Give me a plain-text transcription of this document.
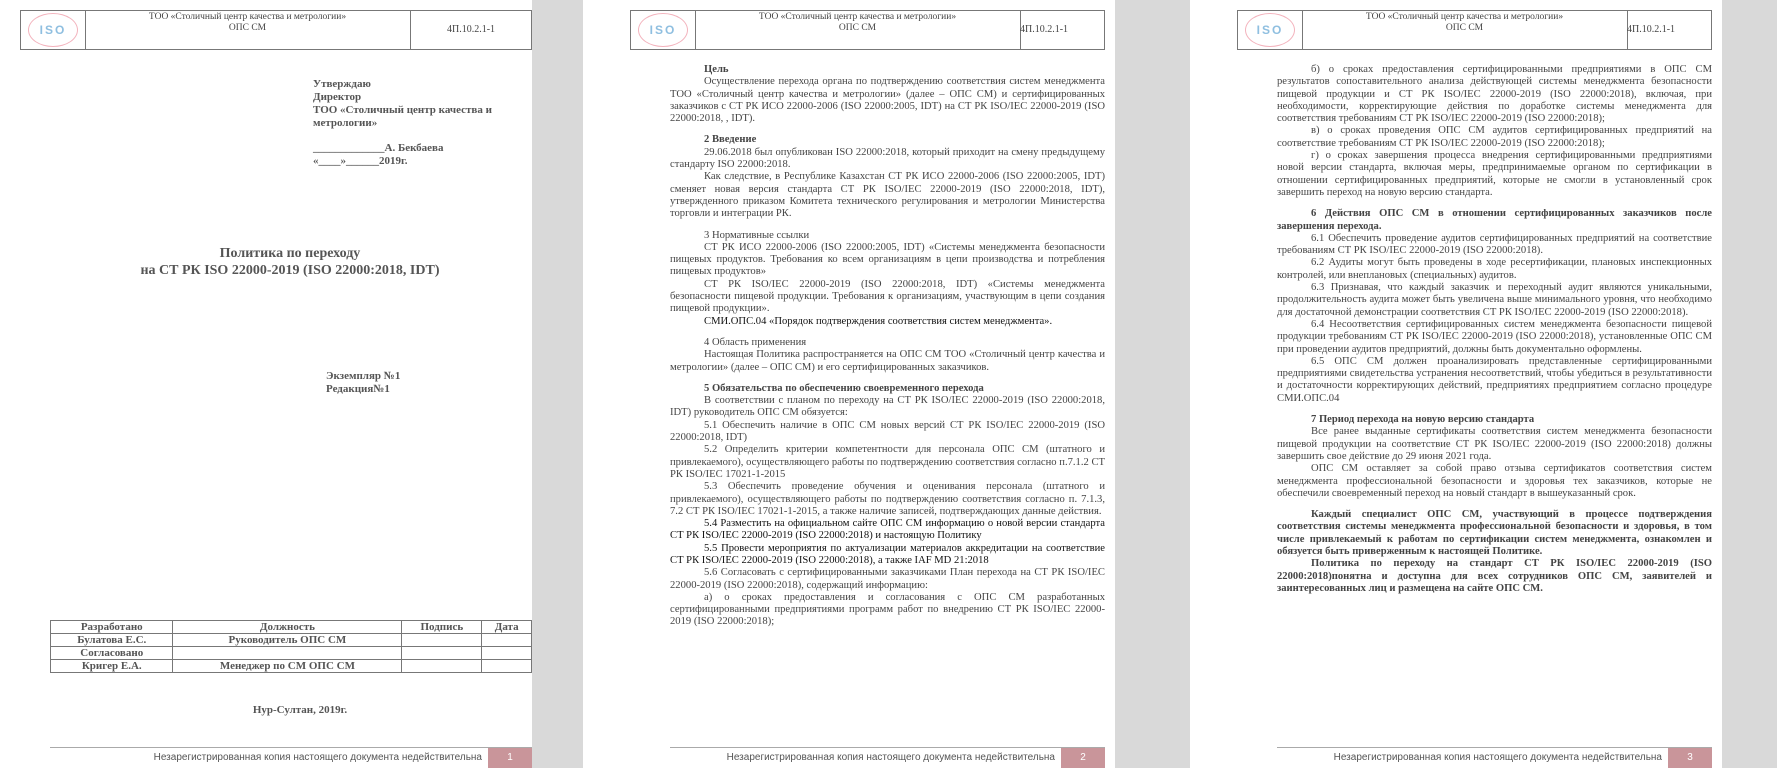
ISO
ТОО «Столичный центр качества и метрологии»
ОПС СМ	4П.10.2.1-1
Утверждаю
Директор
ТОО «Столичный центр качества и метрологии»
_____________А. Бекбаева
«____»______2019г.
Политика по переходу
на СТ РК ISO 22000-2019 (ISO 22000:2018, IDT)
Экземпляр №1
Редакция№1
Разработано	Должность	Подпись	Дата
Булатова Е.С.	Руководитель ОПС СМ		
Согласовано			
Кригер Е.А.	Менеджер по СМ ОПС СМ		
Нур-Султан, 2019г.
Незарегистрированная копия настоящего документа недействительна	1
ISO
ТОО «Столичный центр качества и метрологии»
ОПС СМ	4П.10.2.1-1

Цель

Осуществление перехода органа по подтверждению соответствия систем менеджмента ТОО «Столичный центр качества и метрологии» (далее – ОПС СМ) и сертифицированных заказчиков с СТ РК ИСО 22000-2006 (ISO 22000:2005, IDT) на СТ РК ISO/IEC 22000-2019 (ISO 22000:2018, , IDT).

2 Введение

29.06.2018 был опубликован ISO 22000:2018, который приходит на смену предыдущему стандарту ISO 22000:2018.

Как следствие, в Республике Казахстан СТ РК ИСО 22000-2006 (ISO 22000:2005, IDT) сменяет новая версия стандарта СТ РК ISO/IEC 22000-2019 (ISO 22000:2018, IDT), утвержденного приказом Комитета технического регулирования и метрологии Министерства торговли и интеграции РК.

3 Нормативные ссылки

СТ РК ИСО 22000-2006 (ISO 22000:2005, IDT) «Системы менеджмента безопасности пищевых продуктов. Требования ко всем организациям в цепи производства и потребления пищевых продуктов»

СТ РК ISO/IEC 22000-2019 (ISO 22000:2018, IDT) «Системы менеджмента безопасности пищевой продукции. Требования к организациям, участвующим в цепи создания пищевой продукции».

СМИ.ОПС.04 «Порядок подтверждения соответствия систем менеджмента».

4 Область применения

Настоящая Политика распространяется на ОПС СМ ТОО «Столичный центр качества и метрологии» (далее – ОПС СМ) и его сертифицированных заказчиков.

5 Обязательства по обеспечению своевременного перехода

В соответствии с планом по переходу на СТ РК ISO/IEC 22000-2019 (ISO 22000:2018, IDT) руководитель ОПС СМ обязуется:

5.1 Обеспечить наличие в ОПС СМ новых версий СТ РК ISO/IEC 22000-2019 (ISO 22000:2018, IDT)

5.2 Определить критерии компетентности для персонала ОПС СМ (штатного и привлекаемого), осуществляющего работы по подтверждению соответствия согласно п.7.1.2 СТ РК ISO/IEC 17021-1-2015

5.3 Обеспечить проведение обучения и оценивания персонала (штатного и привлекаемого), осуществляющего работы по подтверждению соответствия согласно п. 7.1.3, 7.2 СТ РК ISO/IEC 17021-1-2015, а также наличие записей, подтверждающих данные действия.

5.4 Разместить на официальном сайте ОПС СМ информацию о новой версии стандарта СТ РК ISO/IEC 22000-2019 (ISO 22000:2018) и настоящую Политику

5.5 Провести мероприятия по актуализации материалов аккредитации на соответствие СТ РК ISO/IEC 22000-2019 (ISO 22000:2018), а также IAF MD 21:2018

5.6 Согласовать с сертифицированными заказчиками План перехода на СТ РК ISO/IEC 22000-2019 (ISO 22000:2018), содержащий информацию:

а) о сроках предоставления и согласования с ОПС СМ разработанных сертифицированными предприятиями программ работ по внедрению СТ РК ISO/IEC 22000-2019 (ISO 22000:2018);

Незарегистрированная копия настоящего документа недействительна	2
ISO
ТОО «Столичный центр качества и метрологии»
ОПС СМ	4П.10.2.1-1

б) о сроках предоставления сертифицированными предприятиями в ОПС СМ результатов сопоставительного анализа действующей системы менеджмента безопасности пищевой продукции и СТ РК ISO/IEC 22000-2019 (ISO 22000:2018), включая, при необходимости, корректирующие действия по доработке системы менеджмента для соответствия требованиям СТ РК ISO/IEC 22000-2019 (ISO 22000:2018);

в) о сроках проведения ОПС СМ аудитов сертифицированных предприятий на соответствие требованиям СТ РК ISO/IEC 22000-2019 (ISO 22000:2018);

г) о сроках завершения процесса внедрения сертифицированными предприятиями новой версии стандарта, включая меры, предпринимаемые органом по сертификации в отношении сертифицированных предприятий, которые не смогли в установленный срок завершить переход на новую версию стандарта.

6 Действия ОПС СМ в отношении сертифицированных заказчиков после завершения перехода.

6.1 Обеспечить проведение аудитов сертифицированных предприятий на соответствие требованиям СТ РК ISO/IEC 22000-2019 (ISO 22000:2018).

6.2 Аудиты могут быть проведены в ходе ресертификации, плановых инспекционных контролей, или внеплановых (специальных) аудитов.

6.3 Признавая, что каждый заказчик и переходный аудит являются уникальными, продолжительность аудита может быть увеличена выше минимального уровня, что необходимо для достаточной демонстрации соответствия СТ РК ISO/IEC 22000-2019 (ISO 22000:2018).

6.4 Несоответствия сертифицированных систем менеджмента безопасности пищевой продукции требованиям СТ РК ISO/IEC 22000-2019 (ISO 22000:2018), установленные ОПС СМ при проведении аудитов предприятий, должны быть документально оформлены.

6.5 ОПС СМ должен проанализировать представленные сертифицированными предприятиями свидетельства устранения несоответствий, чтобы убедиться в результативности и достаточности корректирующих действий, предприятиях предприятием согласно процедуре СМИ.ОПС.04

7 Период перехода на новую версию стандарта

Все ранее выданные сертификаты соответствия систем менеджмента безопасности пищевой продукции на соответствие СТ РК ISO/IEC 22000-2019 (ISO 22000:2018) должны завершить свое действие до 29 июня 2021 года.

ОПС СМ оставляет за собой право отзыва сертификатов соответствия систем менеджмента профессиональной безопасности и здоровья тех заказчиков, которые не обеспечили своевременный переход на новый стандарт в вышеуказанный срок.

Каждый специалист ОПС СМ, участвующий в процессе подтверждения соответствия системы менеджмента профессиональной безопасности и здоровья, в том числе привлекаемый к работам по сертификации систем менеджмента, ознакомлен и обязуется быть приверженным к настоящей Политике.

Политика по переходу на стандарт СТ РК ISO/IEC 22000-2019 (ISO 22000:2018)понятна и доступна для всех сотрудников ОПС СМ, заявителей и заинтересованных лиц и размещена на сайте ОПС СМ.

Незарегистрированная копия настоящего документа недействительна	3
